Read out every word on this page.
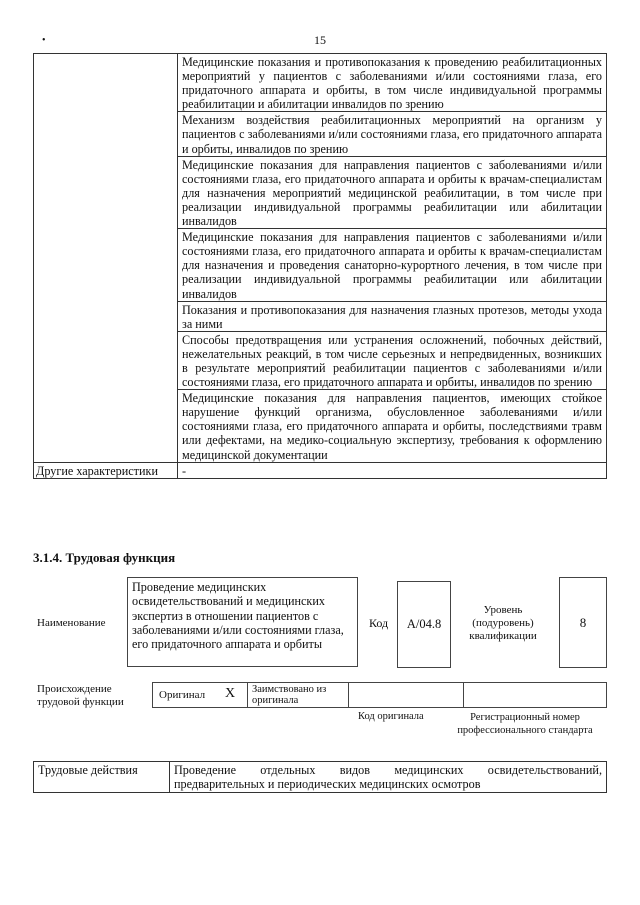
•	15
	Медицинские показания и противопоказания к проведению реабилитационных мероприятий у пациентов с заболеваниями и/или состояниями глаза, его придаточного аппарата и орбиты, в том числе индивидуальной программы реабилитации и абилитации инвалидов по зрению
	Механизм воздействия реабилитационных мероприятий на организм у пациентов с заболеваниями и/или состояниями глаза, его придаточного аппарата и орбиты, инвалидов по зрению
	Медицинские показания для направления пациентов с заболеваниями и/или состояниями глаза, его придаточного аппарата и орбиты к врачам-специалистам для назначения мероприятий медицинской реабилитации, в том числе при реализации индивидуальной программы реабилитации или абилитации инвалидов
	Медицинские показания для направления пациентов с заболеваниями и/или состояниями глаза, его придаточного аппарата и орбиты к врачам-специалистам для назначения и проведения санаторно-курортного лечения, в том числе при реализации индивидуальной программы реабилитации или абилитации инвалидов
	Показания и противопоказания для назначения глазных протезов, методы ухода за ними
	Способы предотвращения или устранения осложнений, побочных действий, нежелательных реакций, в том числе серьезных и непредвиденных, возникших в результате мероприятий реабилитации пациентов с заболеваниями и/или состояниями глаза, его придаточного аппарата и орбиты, инвалидов по зрению
	Медицинские показания для направления пациентов, имеющих стойкое нарушение функций организма, обусловленное заболеваниями и/или состояниями глаза, его придаточного аппарата и орбиты, последствиями травм или дефектами, на медико-социальную экспертизу, требования к оформлению медицинской документации
Другие характеристики	-
3.1.4. Трудовая функция
Наименование
Проведение медицинских освидетельствований и медицинских экспертиз в отношении пациентов с заболеваниями и/или состояниями глаза, его придаточного аппарата и орбиты
Код	A/04.8
Уровень (подуровень) квалификации
8
Происхождение трудовой функции
Оригинал X Заимствовано из оригинала
Код оригинала	Регистрационный номер профессионального стандарта
Трудовые действия	Проведение отдельных видов медицинских освидетельствований, предварительных и периодических медицинских осмотров
